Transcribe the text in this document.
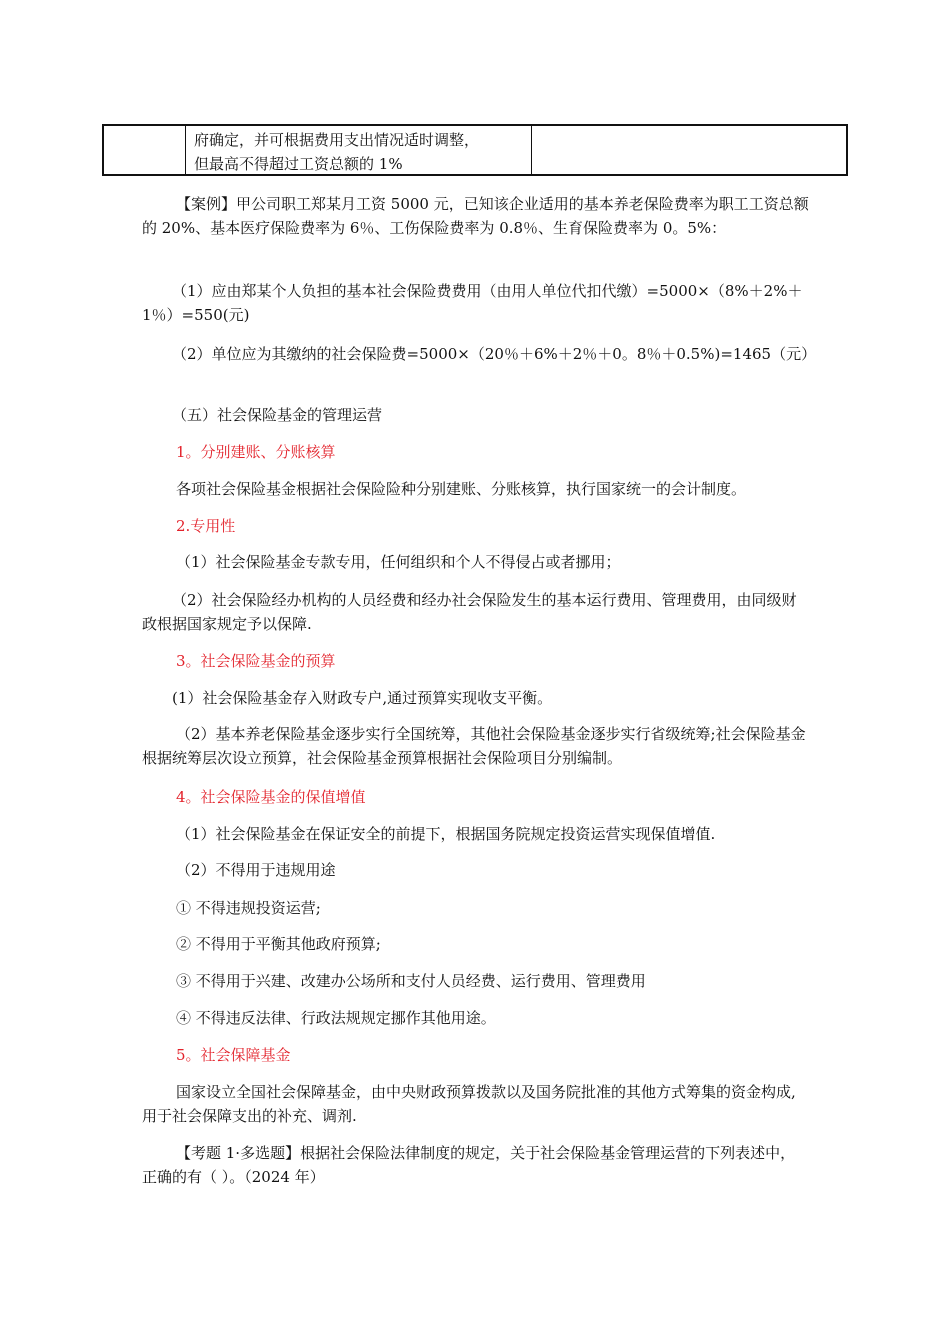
府确定，并可根据费用支出情况适时调整，
但最高不得超过工资总额的 1%

【案例】甲公司职工郑某月工资 5000 元，已知该企业适用的基本养老保险费率为职工工资总额的 20%、基本医疗保险费率为 6％、工伤保险费率为 0.8％、生育保险费率为 0。5%：

（1）应由郑某个人负担的基本社会保险费费用（由用人单位代扣代缴）=5000×（8%＋2%＋1％）=550(元)

（2）单位应为其缴纳的社会保险费=5000×（20％＋6%＋2％＋0。8％＋0.5%)=1465（元）

（五）社会保险基金的管理运营

1。分别建账、分账核算

各项社会保险基金根据社会保险险种分别建账、分账核算，执行国家统一的会计制度。

2.专用性

（1）社会保险基金专款专用，任何组织和个人不得侵占或者挪用；

（2）社会保险经办机构的人员经费和经办社会保险发生的基本运行费用、管理费用，由同级财政根据国家规定予以保障.

3。社会保险基金的预算

(1）社会保险基金存入财政专户,通过预算实现收支平衡。

（2）基本养老保险基金逐步实行全国统筹，其他社会保险基金逐步实行省级统筹;社会保险基金根据统筹层次设立预算，社会保险基金预算根据社会保险项目分别编制。

4。社会保险基金的保值增值

（1）社会保险基金在保证安全的前提下，根据国务院规定投资运营实现保值增值.

（2）不得用于违规用途

① 不得违规投资运营;

② 不得用于平衡其他政府预算;

③ 不得用于兴建、改建办公场所和支付人员经费、运行费用、管理费用

④ 不得违反法律、行政法规规定挪作其他用途。

5。社会保障基金

国家设立全国社会保障基金，由中央财政预算拨款以及国务院批准的其他方式筹集的资金构成,用于社会保障支出的补充、调剂.

【考题 1·多选题】根据社会保险法律制度的规定，关于社会保险基金管理运营的下列表述中，正确的有（ ）。（2024 年）
